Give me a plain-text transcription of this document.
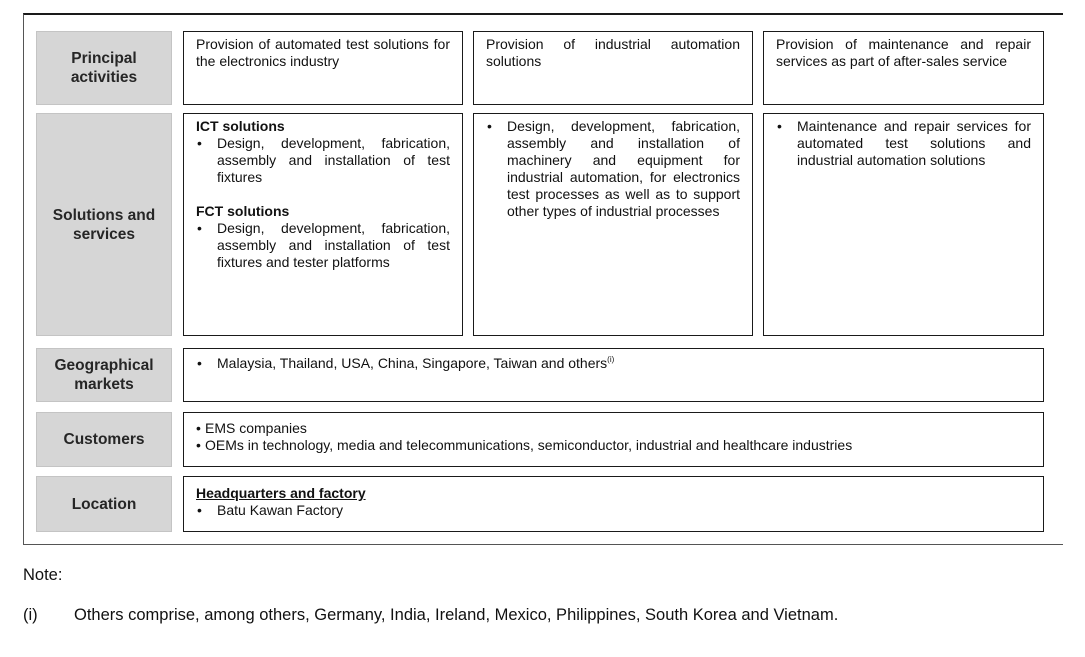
Principal activities
Provision of automated test solutions for the electronics industry
Provision of industrial automation solutions
Provision of maintenance and repair services as part of after-sales service
Solutions and services
ICT solutions
• Design, development, fabrication, assembly and installation of test fixtures
FCT solutions
• Design, development, fabrication, assembly and installation of test fixtures and tester platforms
• Design, development, fabrication, assembly and installation of machinery and equipment for industrial automation, for electronics test processes as well as to support other types of industrial processes
• Maintenance and repair services for automated test solutions and industrial automation solutions
Geographical markets
• Malaysia, Thailand, USA, China, Singapore, Taiwan and others$^{(i)}$
Customers
• EMS companies
• OEMs in technology, media and telecommunications, semiconductor, industrial and healthcare industries
Location
Headquarters and factory
• Batu Kawan Factory
Note:
(i) Others comprise, among others, Germany, India, Ireland, Mexico, Philippines, South Korea and Vietnam.
